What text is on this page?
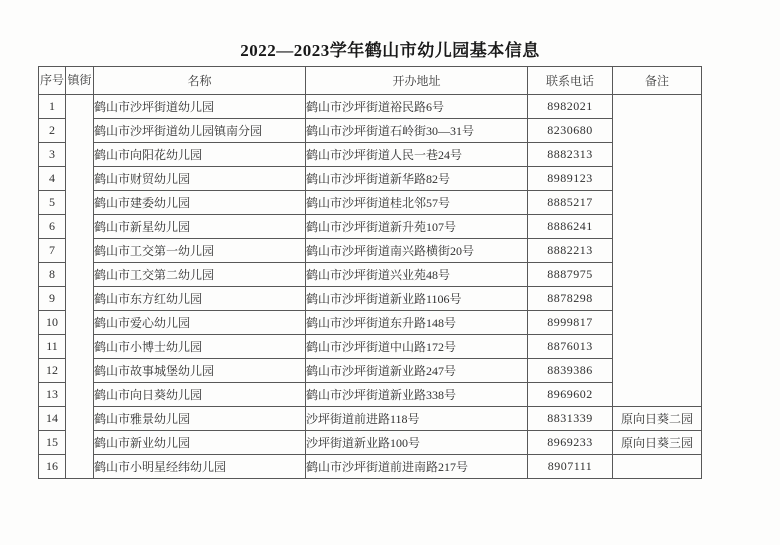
2022—2023学年鹤山市幼儿园基本信息
序号	镇街	名称	开办地址	联系电话	备注
1		鹤山市沙坪街道幼儿园	鹤山市沙坪街道裕民路6号	8982021	
2		鹤山市沙坪街道幼儿园镇南分园	鹤山市沙坪街道石岭街30—31号	8230680	
3		鹤山市向阳花幼儿园	鹤山市沙坪街道人民一巷24号	8882313	
4		鹤山市财贸幼儿园	鹤山市沙坪街道新华路82号	8989123	
5		鹤山市建委幼儿园	鹤山市沙坪街道桂北邻57号	8885217	
6		鹤山市新星幼儿园	鹤山市沙坪街道新升苑107号	8886241	
7		鹤山市工交第一幼儿园	鹤山市沙坪街道南兴路横街20号	8882213	
8		鹤山市工交第二幼儿园	鹤山市沙坪街道兴业苑48号	8887975	
9		鹤山市东方红幼儿园	鹤山市沙坪街道新业路1106号	8878298	
10		鹤山市爱心幼儿园	鹤山市沙坪街道东升路148号	8999817	
11		鹤山市小博士幼儿园	鹤山市沙坪街道中山路172号	8876013	
12		鹤山市故事城堡幼儿园	鹤山市沙坪街道新业路247号	8839386	
13		鹤山市向日葵幼儿园	鹤山市沙坪街道新业路338号	8969602	
14		鹤山市雅景幼儿园	沙坪街道前进路118号	8831339	原向日葵二园
15		鹤山市新业幼儿园	沙坪街道新业路100号	8969233	原向日葵三园
16		鹤山市小明星经纬幼儿园	鹤山市沙坪街道前进南路217号	8907111	
